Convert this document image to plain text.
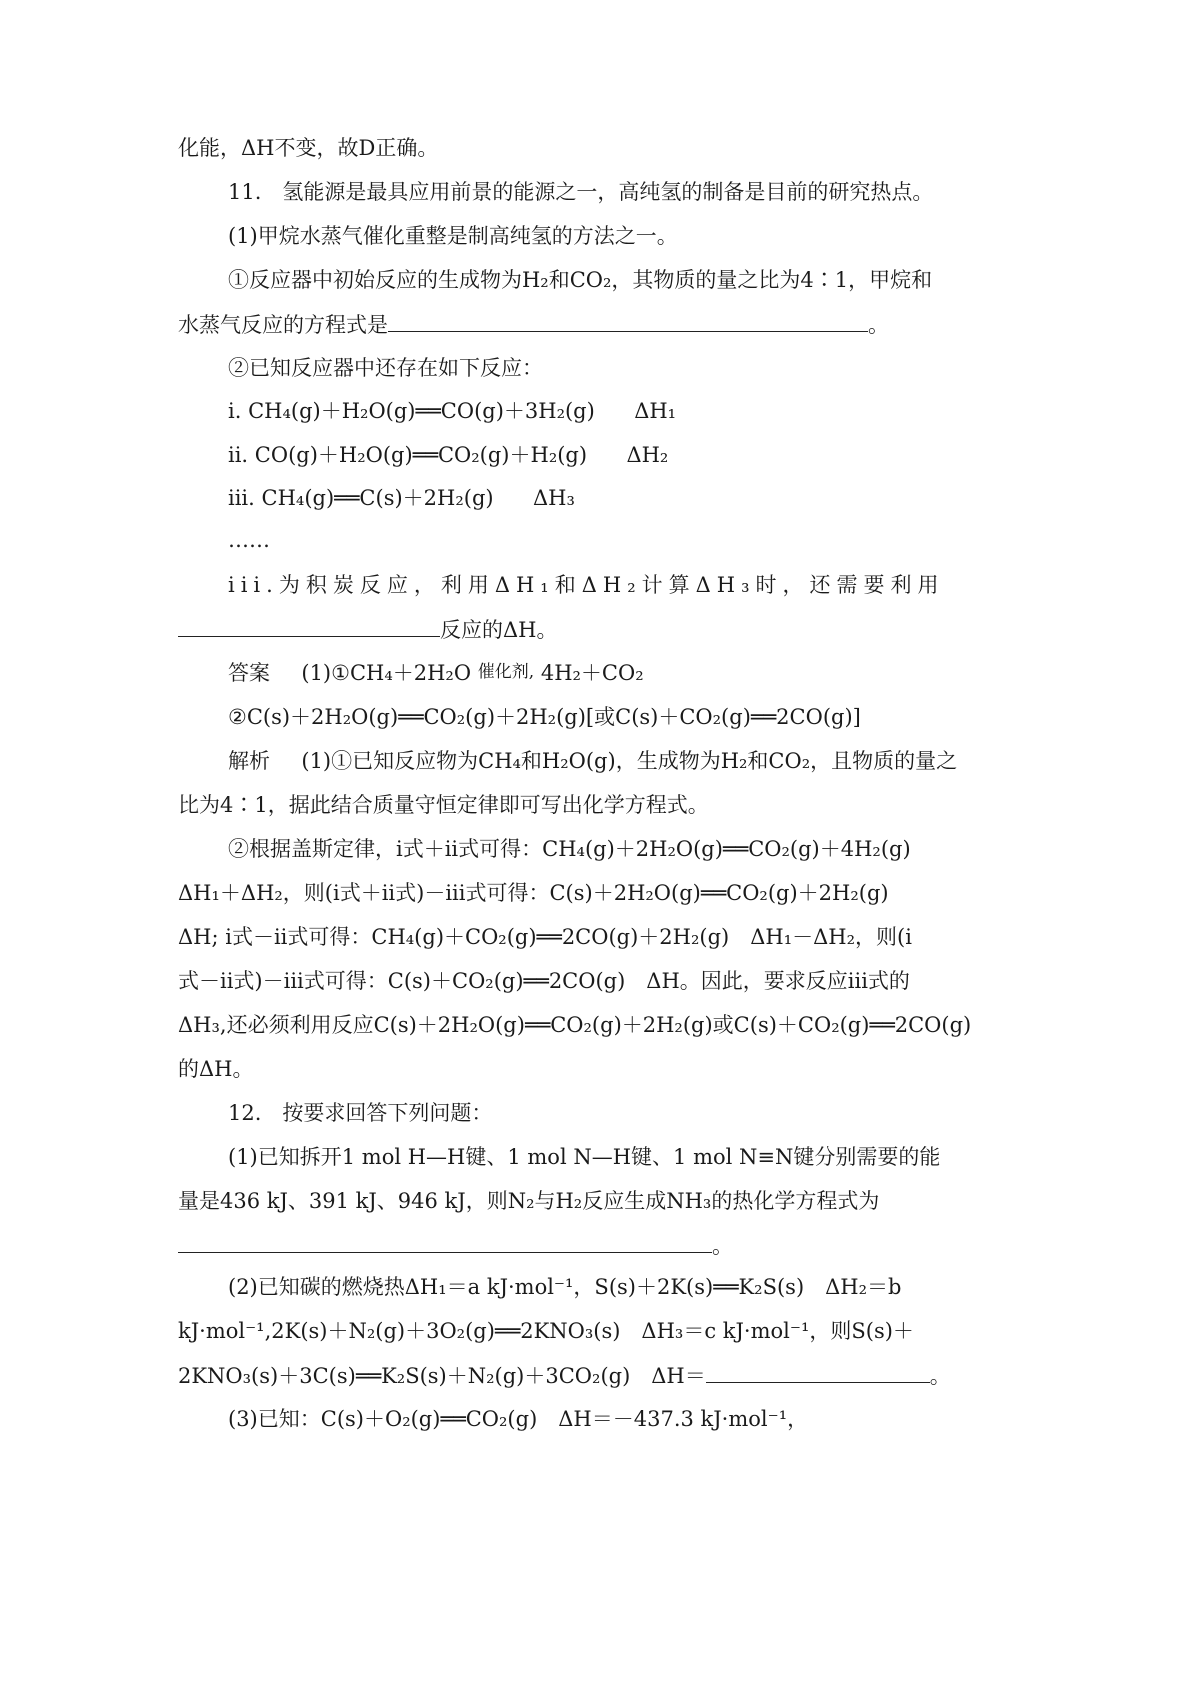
化能，ΔH不变，故D正确。
11.　氢能源是最具应用前景的能源之一，高纯氢的制备是目前的研究热点。
(1)甲烷水蒸气催化重整是制高纯氢的方法之一。
①反应器中初始反应的生成物为H₂和CO₂，其物质的量之比为4∶1，甲烷和
水蒸气反应的方程式是	。
②已知反应器中还存在如下反应：
i. CH₄(g)＋H₂O(g)══CO(g)＋3H₂(g) ΔH₁
ii. CO(g)＋H₂O(g)══CO₂(g)＋H₂(g) ΔH₂
iii. CH₄(g)══C(s)＋2H₂(g) ΔH₃
……
iii.为积炭反应，利用ΔH₁和ΔH₂计算ΔH₃时，还需要利用
反应的ΔH。
答案 (1)①CH₄＋2H₂O 催化剂, 4H₂＋CO₂
②C(s)＋2H₂O(g)══CO₂(g)＋2H₂(g)[或C(s)＋CO₂(g)══2CO(g)]
解析 (1)①已知反应物为CH₄和H₂O(g)，生成物为H₂和CO₂，且物质的量之
比为4∶1，据此结合质量守恒定律即可写出化学方程式。
②根据盖斯定律，i式＋ii式可得：CH₄(g)＋2H₂O(g)══CO₂(g)＋4H₂(g)
ΔH₁＋ΔH₂，则(i式＋ii式)－iii式可得：C(s)＋2H₂O(g)══CO₂(g)＋2H₂(g)
ΔH; i式－ii式可得：CH₄(g)＋CO₂(g)══2CO(g)＋2H₂(g)　ΔH₁－ΔH₂，则(i
式－ii式)－iii式可得：C(s)＋CO₂(g)══2CO(g)　ΔH。因此，要求反应iii式的
ΔH₃,还必须利用反应C(s)＋2H₂O(g)══CO₂(g)＋2H₂(g)或C(s)＋CO₂(g)══2CO(g)
的ΔH。
12.　按要求回答下列问题：
(1)已知拆开1 mol H—H键、1 mol N—H键、1 mol N≡N键分别需要的能
量是436 kJ、391 kJ、946 kJ，则N₂与H₂反应生成NH₃的热化学方程式为
。
(2)已知碳的燃烧热ΔH₁＝a kJ·mol⁻¹，S(s)＋2K(s)══K₂S(s)　ΔH₂＝b
kJ·mol⁻¹,2K(s)＋N₂(g)＋3O₂(g)══2KNO₃(s)　ΔH₃＝c kJ·mol⁻¹，则S(s)＋
2KNO₃(s)＋3C(s)══K₂S(s)＋N₂(g)＋3CO₂(g)　ΔH＝	。
(3)已知：C(s)＋O₂(g)══CO₂(g)　ΔH＝－437.3 kJ·mol⁻¹，
